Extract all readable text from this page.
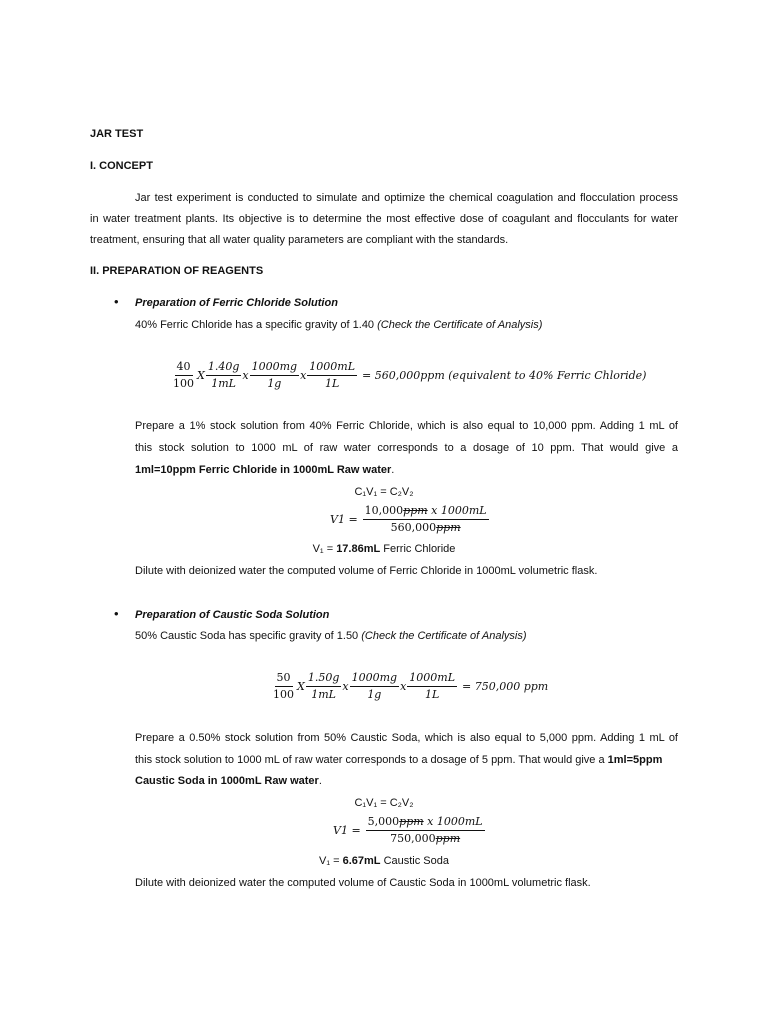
JAR TEST
I. CONCEPT
Jar test experiment is conducted to simulate and optimize the chemical coagulation and flocculation process
in water treatment plants. Its objective is to determine the most effective dose of coagulant and flocculants for water
treatment, ensuring that all water quality parameters are compliant with the standards.
II. PREPARATION OF REAGENTS
• Preparation of Ferric Chloride Solution
40% Ferric Chloride has a specific gravity of 1.40 (Check the Certificate of Analysis)
$\frac{40}{100}$ X $\frac{1.40g}{1mL}$ x $\frac{1000mg}{1g}$ x $\frac{1000mL}{1L} = 560,000ppm$ (equivalent to 40% Ferric Chloride)
Prepare a 1% stock solution from 40% Ferric Chloride, which is also equal to 10,000 ppm. Adding 1 mL of
this stock solution to 1000 mL of raw water corresponds to a dosage of 10 ppm. That would give a
1ml=10ppm Ferric Chloride in 1000mL Raw water.
C₁V₁ = C₂V₂
$V1 = \frac{\text{10,000ppm x 1000mL}}{\text{560,000ppm}}$
V₁ = 17.86mL Ferric Chloride
Dilute with deionized water the computed volume of Ferric Chloride in 1000mL volumetric flask.
• Preparation of Caustic Soda Solution
50% Caustic Soda has specific gravity of 1.50 (Check the Certificate of Analysis)
$\frac{50}{100}$ X $\frac{1.50g}{1mL}$ x $\frac{1000mg}{1g}$ x $\frac{1000mL}{1L} = 750,000$ ppm
Prepare a 0.50% stock solution from 50% Caustic Soda, which is also equal to 5,000 ppm. Adding 1 mL of
this stock solution to 1000 mL of raw water corresponds to a dosage of 5 ppm. That would give a 1ml=5ppm
Caustic Soda in 1000mL Raw water.
C₁V₁ = C₂V₂
$V1 = \frac{\text{5,000ppm x 1000mL}}{\text{750,000ppm}}$
V₁ = 6.67mL Caustic Soda
Dilute with deionized water the computed volume of Caustic Soda in 1000mL volumetric flask.
